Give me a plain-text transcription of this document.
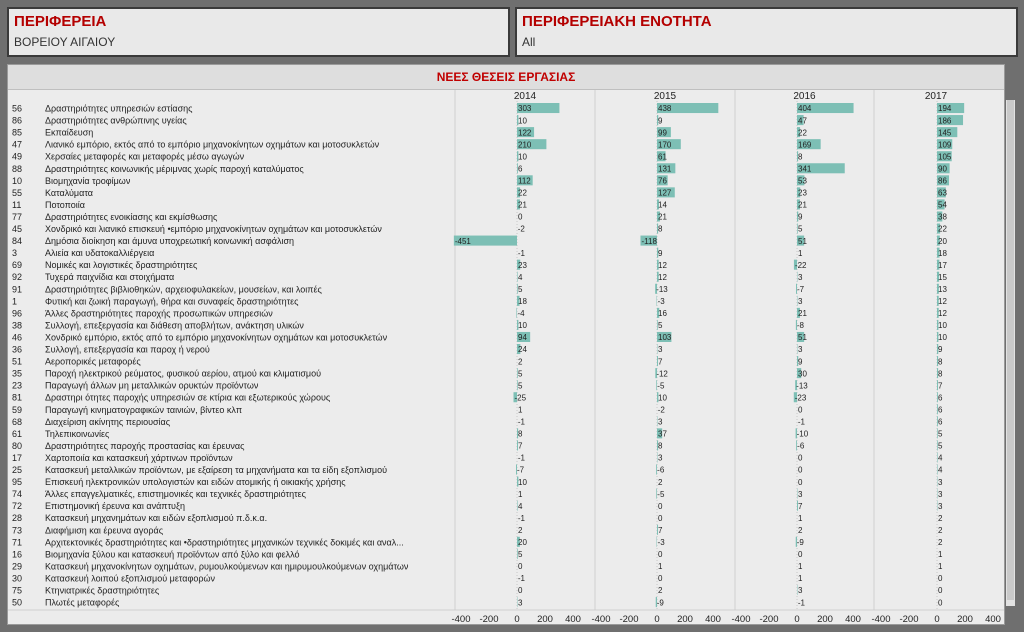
ΠΕΡΙΦΕΡΕΙΑ
ΒΟΡΕΙΟΥ ΑΙΓΑΙΟΥ
ΠΕΡΙΦΕΡΕΙΑΚΗ ΕΝΟΤΗΤΑ
All
ΝΕΕΣ ΘΕΣΕΙΣ ΕΡΓΑΣΙΑΣ
2014
-400 -200 0 200 400
2015
-400 -200 0 200 400
2016
-400 -200 0 200 400
2017
-400 -200 0 200 400
56	Δραστηριότητες υπηρεσιών εστίασης	303	438	404	194
86	Δραστηριότητες ανθρώπινης υγείας	10	9	47	186
85	Εκπαίδευση	122	99	22	145
47	Λιανικό εμπόριο, εκτός από το εμπόριο μηχανοκίνητων οχημάτων και μοτοσυκλετών	210	170	169	109
49	Χερσαίες μεταφορές και μεταφορές μέσω αγωγών	10	61	8	105
88	Δραστηριότητες κοινωνικής μέριμνας χωρίς παροχή καταλύματος	6	131	341	90
10	Βιομηχανία τροφίμων	112	76	53	86
55	Καταλύματα	22	127	23	63
11	Ποτοποιία	21	14	21	54
77	Δραστηριότητες ενοικίασης και εκμίσθωσης	0	21	9	38
45	Χονδρικό και λιανικό επισκευή •εμπόριο μηχανοκίνητων οχημάτων και μοτοσυκλετών	-2	8	5	22
84	Δημόσια διοίκηση και άμυνα υποχρεωτική κοινωνική ασφάλιση	-451	-118	51	20
3	Αλιεία και υδατοκαλλιέργεια	-1	9	1	18
69	Νομικές και λογιστικές δραστηριότητες	23	12	-22	17
92	Τυχερά παιχνίδια και στοιχήματα	4	12	3	15
91	Δραστηριότητες βιβλιοθηκών, αρχειοφυλακείων, μουσείων, και λοιπές	5	-13	-7	13
1	Φυτική και ζωική παραγωγή, θήρα και συναφείς δραστηριότητες	18	-3	3	12
96	Άλλες δραστηριότητες παροχής προσωπικών υπηρεσιών	-4	16	21	12
38	Συλλογή, επεξεργασία και διάθεση αποβλήτων, ανάκτηση υλικών	10	5	-8	10
46	Χονδρικό εμπόριο, εκτός από το εμπόριο μηχανοκίνητων οχημάτων και μοτοσυκλετών	94	103	51	10
36	Συλλογή, επεξεργασία και παροχ ή νερού	24	3	3	9
51	Αεροπορικές μεταφορές	2	7	9	8
35	Παροχή ηλεκτρικού ρεύματος, φυσικού αερίου, ατμού και κλιματισμού	5	-12	30	8
23	Παραγωγή άλλων μη μεταλλικών ορυκτών προϊόντων	5	-5	-13	7
81	Δραστηρι ότητες παροχής υπηρεσιών σε κτίρια και εξωτερικούς χώρους	-25	10	-23	6
59	Παραγωγή κινηματογραφικών ταινιών, βίντεο κλπ	1	-2	0	6
68	Διαχείριση ακίνητης περιουσίας	-1	3	-1	6
61	Τηλεπικοινωνίες	8	37	-10	5
80	Δραστηριότητες παροχής προστασίας και έρευνας	7	8	-6	5
17	Χαρτοποιία και κατασκευή χάρτινων προϊόντων	-1	3	0	4
25	Κατασκευή μεταλλικών προϊόντων, με εξαίρεση τα μηχανήματα και τα είδη εξοπλισμού	-7	-6	0	4
95	Επισκευή ηλεκτρονικών υπολογιστών και ειδών ατομικής ή οικιακής χρήσης	10	2	0	3
74	Άλλες επαγγελματικές, επιστημονικές και τεχνικές δραστηριότητες	1	-5	3	3
72	Επιστημονική έρευνα και ανάπτυξη	4	0	7	3
28	Κατασκευή μηχανημάτων και ειδών εξοπλισμού π.δ.κ.α.	-1	0	1	2
73	Διαφήμιση και έρευνα αγοράς	2	7	2	2
71	Αρχιτεκτονικές δραστηριότητες και •δραστηριότητες μηχανικών τεχνικές δοκιμές και αναλ...	20	-3	-9	2
16	Βιομηχανία ξύλου και κατασκευή προϊόντων από ξύλο και φελλό	5	0	0	1
29	Κατασκευή μηχανοκίνητων οχημάτων, ρυμουλκούμενων και ημιρυμουλκούμενων οχημάτων	0	1	1	1
30	Κατασκευή λοιπού εξοπλισμού μεταφορών	-1	0	1	0
75	Κτηνιατρικές δραστηριότητες	0	2	3	0
50	Πλωτές μεταφορές	3	-9	-1	0
